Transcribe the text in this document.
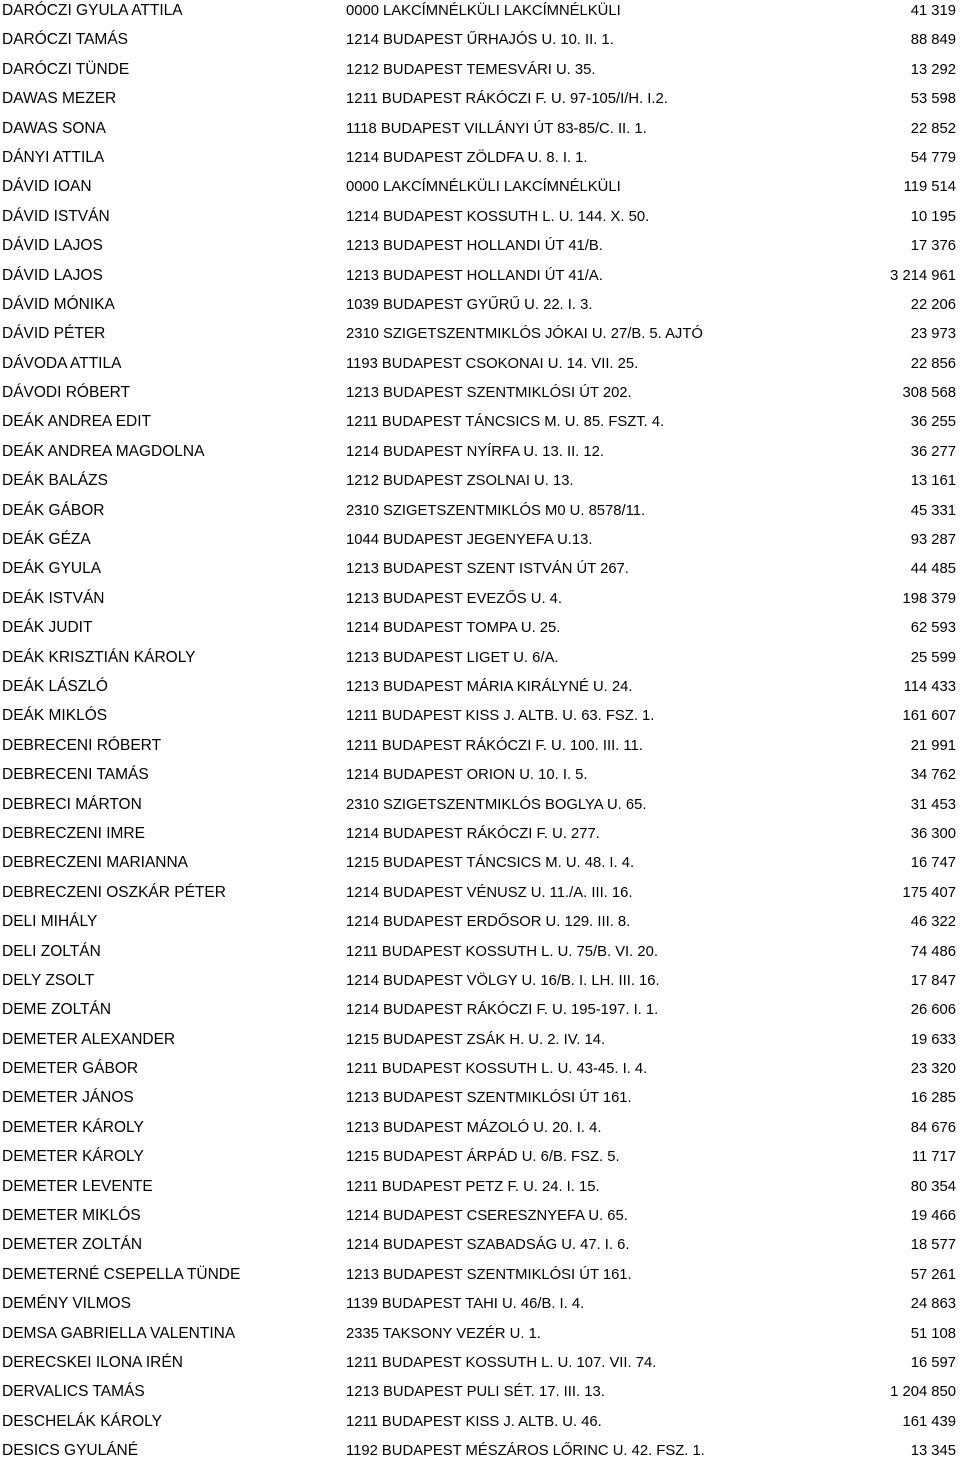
DARÓCZI GYULA ATTILA	0000 LAKCÍMNÉLKÜLI LAKCÍMNÉLKÜLI	41 319
DARÓCZI TAMÁS	1214 BUDAPEST ŰRHAJÓS U. 10. II. 1.	88 849
DARÓCZI TÜNDE	1212 BUDAPEST TEMESVÁRI U. 35.	13 292
DAWAS MEZER	1211 BUDAPEST RÁKÓCZI F. U. 97-105/I/H. I.2.	53 598
DAWAS SONA	1118 BUDAPEST VILLÁNYI ÚT 83-85/C. II. 1.	22 852
DÁNYI ATTILA	1214 BUDAPEST ZÖLDFA U. 8. I. 1.	54 779
DÁVID IOAN	0000 LAKCÍMNÉLKÜLI LAKCÍMNÉLKÜLI	119 514
DÁVID ISTVÁN	1214 BUDAPEST KOSSUTH L. U. 144. X. 50.	10 195
DÁVID LAJOS	1213 BUDAPEST HOLLANDI ÚT 41/B.	17 376
DÁVID LAJOS	1213 BUDAPEST HOLLANDI ÚT 41/A.	3 214 961
DÁVID MÓNIKA	1039 BUDAPEST GYŰRŰ U. 22. I. 3.	22 206
DÁVID PÉTER	2310 SZIGETSZENTMIKLÓS JÓKAI U. 27/B. 5. AJTÓ	23 973
DÁVODA ATTILA	1193 BUDAPEST CSOKONAI U. 14. VII. 25.	22 856
DÁVODI RÓBERT	1213 BUDAPEST SZENTMIKLÓSI ÚT 202.	308 568
DEÁK ANDREA EDIT	1211 BUDAPEST TÁNCSICS M. U. 85. FSZT. 4.	36 255
DEÁK ANDREA MAGDOLNA	1214 BUDAPEST NYÍRFA U. 13. II. 12.	36 277
DEÁK BALÁZS	1212 BUDAPEST ZSOLNAI U. 13.	13 161
DEÁK GÁBOR	2310 SZIGETSZENTMIKLÓS M0 U. 8578/11.	45 331
DEÁK GÉZA	1044 BUDAPEST JEGENYEFA U.13.	93 287
DEÁK GYULA	1213 BUDAPEST SZENT ISTVÁN ÚT 267.	44 485
DEÁK ISTVÁN	1213 BUDAPEST EVEZŐS U. 4.	198 379
DEÁK JUDIT	1214 BUDAPEST TOMPA U. 25.	62 593
DEÁK KRISZTIÁN KÁROLY	1213 BUDAPEST LIGET U. 6/A.	25 599
DEÁK LÁSZLÓ	1213 BUDAPEST MÁRIA KIRÁLYNÉ U. 24.	114 433
DEÁK MIKLÓS	1211 BUDAPEST KISS J. ALTB. U. 63. FSZ. 1.	161 607
DEBRECENI RÓBERT	1211 BUDAPEST RÁKÓCZI F. U. 100. III. 11.	21 991
DEBRECENI TAMÁS	1214 BUDAPEST ORION U. 10. I. 5.	34 762
DEBRECI MÁRTON	2310 SZIGETSZENTMIKLÓS BOGLYA U. 65.	31 453
DEBRECZENI IMRE	1214 BUDAPEST RÁKÓCZI F. U. 277.	36 300
DEBRECZENI MARIANNA	1215 BUDAPEST TÁNCSICS M. U. 48. I. 4.	16 747
DEBRECZENI OSZKÁR PÉTER	1214 BUDAPEST VÉNUSZ U. 11./A. III. 16.	175 407
DELI MIHÁLY	1214 BUDAPEST ERDŐSOR U. 129. III. 8.	46 322
DELI ZOLTÁN	1211 BUDAPEST KOSSUTH L. U. 75/B. VI. 20.	74 486
DELY ZSOLT	1214 BUDAPEST VÖLGY U. 16/B. I. LH. III. 16.	17 847
DEME ZOLTÁN	1214 BUDAPEST RÁKÓCZI F. U. 195-197. I. 1.	26 606
DEMETER ALEXANDER	1215 BUDAPEST ZSÁK H. U. 2. IV. 14.	19 633
DEMETER GÁBOR	1211 BUDAPEST KOSSUTH L. U. 43-45. I. 4.	23 320
DEMETER JÁNOS	1213 BUDAPEST SZENTMIKLÓSI ÚT 161.	16 285
DEMETER KÁROLY	1213 BUDAPEST MÁZOLÓ U. 20. I. 4.	84 676
DEMETER KÁROLY	1215 BUDAPEST ÁRPÁD U. 6/B. FSZ. 5.	11 717
DEMETER LEVENTE	1211 BUDAPEST PETZ F. U. 24. I. 15.	80 354
DEMETER MIKLÓS	1214 BUDAPEST CSERESZNYEFA U. 65.	19 466
DEMETER ZOLTÁN	1214 BUDAPEST SZABADSÁG U. 47. I. 6.	18 577
DEMETERNÉ CSEPELLA TÜNDE	1213 BUDAPEST SZENTMIKLÓSI ÚT 161.	57 261
DEMÉNY VILMOS	1139 BUDAPEST TAHI U. 46/B. I. 4.	24 863
DEMSA GABRIELLA VALENTINA	2335 TAKSONY VEZÉR U. 1.	51 108
DERECSKEI ILONA IRÉN	1211 BUDAPEST KOSSUTH L. U. 107. VII. 74.	16 597
DERVALICS TAMÁS	1213 BUDAPEST PULI SÉT. 17. III. 13.	1 204 850
DESCHELÁK KÁROLY	1211 BUDAPEST KISS J. ALTB. U. 46.	161 439
DESICS GYULÁNÉ	1192 BUDAPEST MÉSZÁROS LŐRINC U. 42. FSZ. 1.	13 345
